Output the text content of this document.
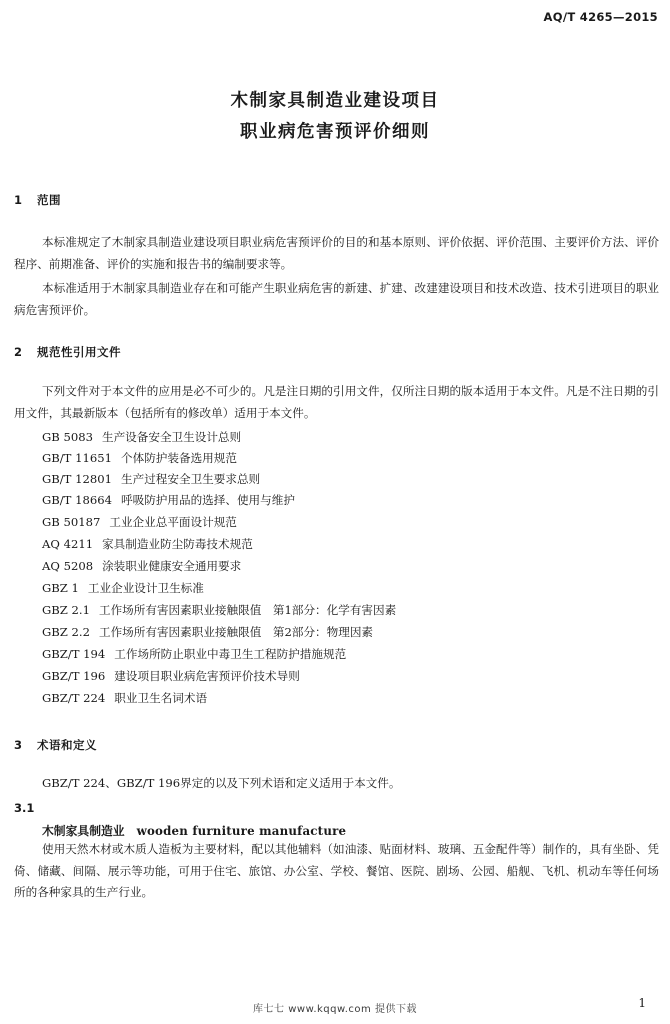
AQ/T 4265—2015
木制家具制造业建设项目
职业病危害预评价细则
1 范围
本标准规定了木制家具制造业建设项目职业病危害预评价的目的和基本原则、评价依据、评价范围、主要评价方法、评价程序、前期准备、评价的实施和报告书的编制要求等。
本标准适用于木制家具制造业存在和可能产生职业病危害的新建、扩建、改建建设项目和技术改造、技术引进项目的职业病危害预评价。
2 规范性引用文件
下列文件对于本文件的应用是必不可少的。凡是注日期的引用文件，仅所注日期的版本适用于本文件。凡是不注日期的引用文件，其最新版本（包括所有的修改单）适用于本文件。
GB 5083 生产设备安全卫生设计总则
GB/T 11651 个体防护装备选用规范
GB/T 12801 生产过程安全卫生要求总则
GB/T 18664 呼吸防护用品的选择、使用与维护
GB 50187 工业企业总平面设计规范
AQ 4211 家具制造业防尘防毒技术规范
AQ 5208 涂装职业健康安全通用要求
GBZ 1 工业企业设计卫生标准
GBZ 2.1 工作场所有害因素职业接触限值　第1部分：化学有害因素
GBZ 2.2 工作场所有害因素职业接触限值　第2部分：物理因素
GBZ/T 194 工作场所防止职业中毒卫生工程防护措施规范
GBZ/T 196 建设项目职业病危害预评价技术导则
GBZ/T 224 职业卫生名词术语
3 术语和定义
GBZ/T 224、GBZ/T 196界定的以及下列术语和定义适用于本文件。
3.1
木制家具制造业 wooden furniture manufacture
使用天然木材或木质人造板为主要材料，配以其他辅料（如油漆、贴面材料、玻璃、五金配件等）制作的，具有坐卧、凭倚、储藏、间隔、展示等功能，可用于住宅、旅馆、办公室、学校、餐馆、医院、剧场、公园、船舰、飞机、机动车等任何场所的各种家具的生产行业。
库七七 www.kqqw.com 提供下载	1
